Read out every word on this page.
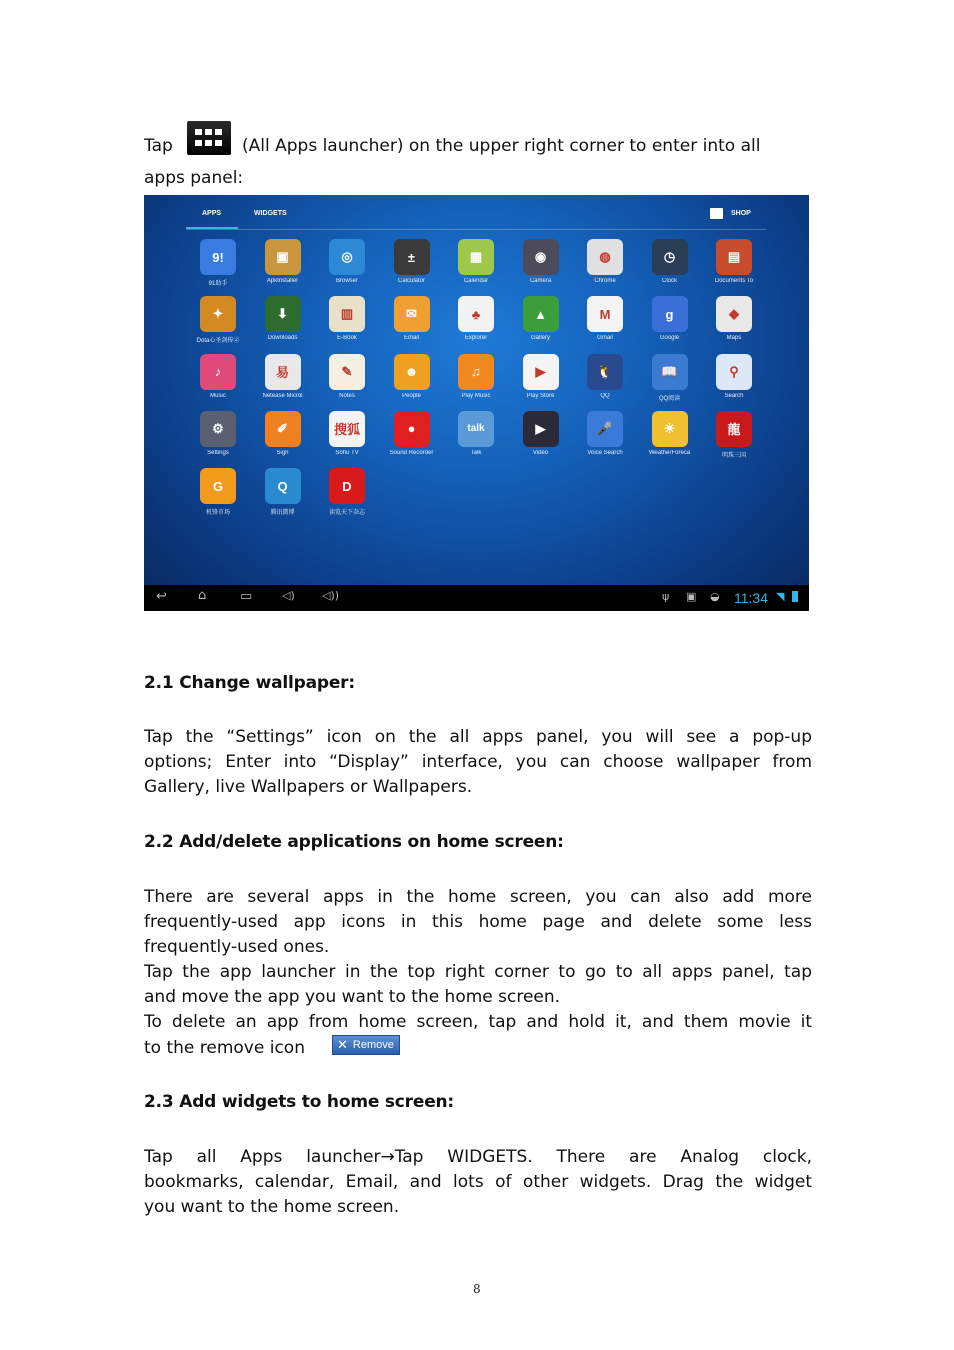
Tap	(All Apps launcher) on the upper right corner to enter into all
apps panel:
APPS	WIDGETS	SHOP
9!
91助手
▣
ApkInstaller
◎
Browser
±
Calculator
▦
Calendar
◉
Camera
◍
Chrome
◷
Clock
▤
Documents To
✦
Dota心圣剑传②
⬇
Downloads
▥
E-Book
✉
Email
♣
Explorer
▲
Gallery
M
Gmail
g
Google
◆
Maps
♪
Music
易
Netease Microl
✎
Notes
☻
People
♫
Play Music
▶
Play Store
🐧
QQ
📖
QQ阅读
⚲
Search
⚙
Settings
✐
Sign
搜狐
Sohu TV
●
Sound Recorder
talk
Talk
▶
Video
🎤
Voice Search
☀
WeatherForeca
龍
明珠三国
G
机锋市场
Q
腾讯微博
D
读览天下杂志
↩ ⌂	▭	◁) ◁))	ψ ▣ ◒ 11:34 ◥
2.1 Change wallpaper:
Tap the “Settings” icon on the all apps panel, you will see a pop-up
options; Enter into “Display” interface, you can choose wallpaper from
Gallery, live Wallpapers or Wallpapers.
2.2 Add/delete applications on home screen:
There are several apps in the home screen, you can also add more
frequently-used app icons in this home page and delete some less
frequently-used ones.
Tap the app launcher in the top right corner to go to all apps panel, tap
and move the app you want to the home screen.
To delete an app from home screen, tap and hold it, and them movie it
to the remove icon ✕ Remove
2.3 Add widgets to home screen:
Tap all Apps launcher→Tap WIDGETS. There are Analog clock,
bookmarks, calendar, Email, and lots of other widgets. Drag the widget
you want to the home screen.
8
